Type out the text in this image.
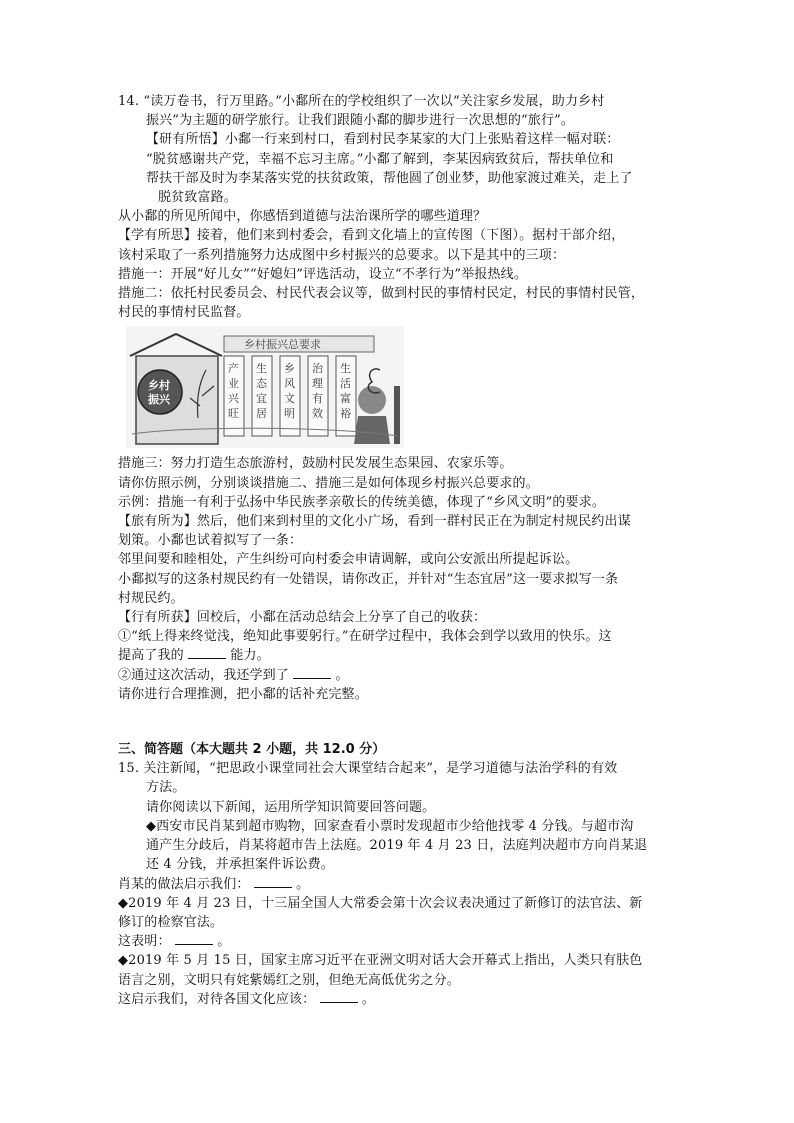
14. “读万卷书，行万里路。”小鄱所在的学校组织了一次以“关注家乡发展，助力乡村
振兴”为主题的研学旅行。让我们跟随小鄱的脚步进行一次思想的“旅行”。
【研有所悟】小鄱一行来到村口，看到村民李某家的大门上张贴着这样一幅对联：
“脱贫感谢共产党，幸福不忘习主席。”小鄱了解到，李某因病致贫后，帮扶单位和
帮扶干部及时为李某落实党的扶贫政策，帮他圆了创业梦，助他家渡过难关，走上了
脱贫致富路。
从小鄱的所见所闻中，你感悟到道德与法治课所学的哪些道理？
【学有所思】接着，他们来到村委会，看到文化墙上的宣传图（下图）。据村干部介绍，
该村采取了一系列措施努力达成图中乡村振兴的总要求。以下是其中的三项：
措施一：开展“好儿女”“好媳妇”评选活动，设立“不孝行为”举报热线。
措施二：依托村民委员会、村民代表会议等，做到村民的事情村民定，村民的事情村民管，
村民的事情村民监督。
乡村振兴总要求
乡村
振兴
产业兴旺
生态宜居
乡风文明
治理有效
生活富裕
措施三：努力打造生态旅游村，鼓励村民发展生态果园、农家乐等。
请你仿照示例，分别谈谈措施二、措施三是如何体现乡村振兴总要求的。
示例：措施一有利于弘扬中华民族孝亲敬长的传统美德，体现了“乡风文明”的要求。
【旅有所为】然后，他们来到村里的文化小广场，看到一群村民正在为制定村规民约出谋
划策。小鄱也试着拟写了一条：
邻里间要和睦相处，产生纠纷可向村委会申请调解，或向公安派出所提起诉讼。
小鄱拟写的这条村规民约有一处错误，请你改正，并针对“生态宜居”这一要求拟写一条
村规民约。
【行有所获】回校后，小鄱在活动总结会上分享了自己的收获：
①“纸上得来终觉浅，绝知此事要躬行。”在研学过程中，我体会到学以致用的快乐。这
提高了我的	能力。
②通过这次活动，我还学到了	。
请你进行合理推测，把小鄱的话补充完整。
三、简答题（本大题共 2 小题，共 12.0 分）
15. 关注新闻，“把思政小课堂同社会大课堂结合起来”，是学习道德与法治学科的有效
方法。
请你阅读以下新闻，运用所学知识简要回答问题。
◆西安市民肖某到超市购物，回家查看小票时发现超市少给他找零 4 分钱。与超市沟
通产生分歧后，肖某将超市告上法庭。2019 年 4 月 23 日，法庭判决超市方向肖某退
还 4 分钱，并承担案件诉讼费。
肖某的做法启示我们：	。
◆2019 年 4 月 23 日，十三届全国人大常委会第十次会议表决通过了新修订的法官法、新
修订的检察官法。
这表明：	。
◆2019 年 5 月 15 日，国家主席习近平在亚洲文明对话大会开幕式上指出，人类只有肤色
语言之别，文明只有姹紫嫣红之别，但绝无高低优劣之分。
这启示我们，对待各国文化应该：	。
